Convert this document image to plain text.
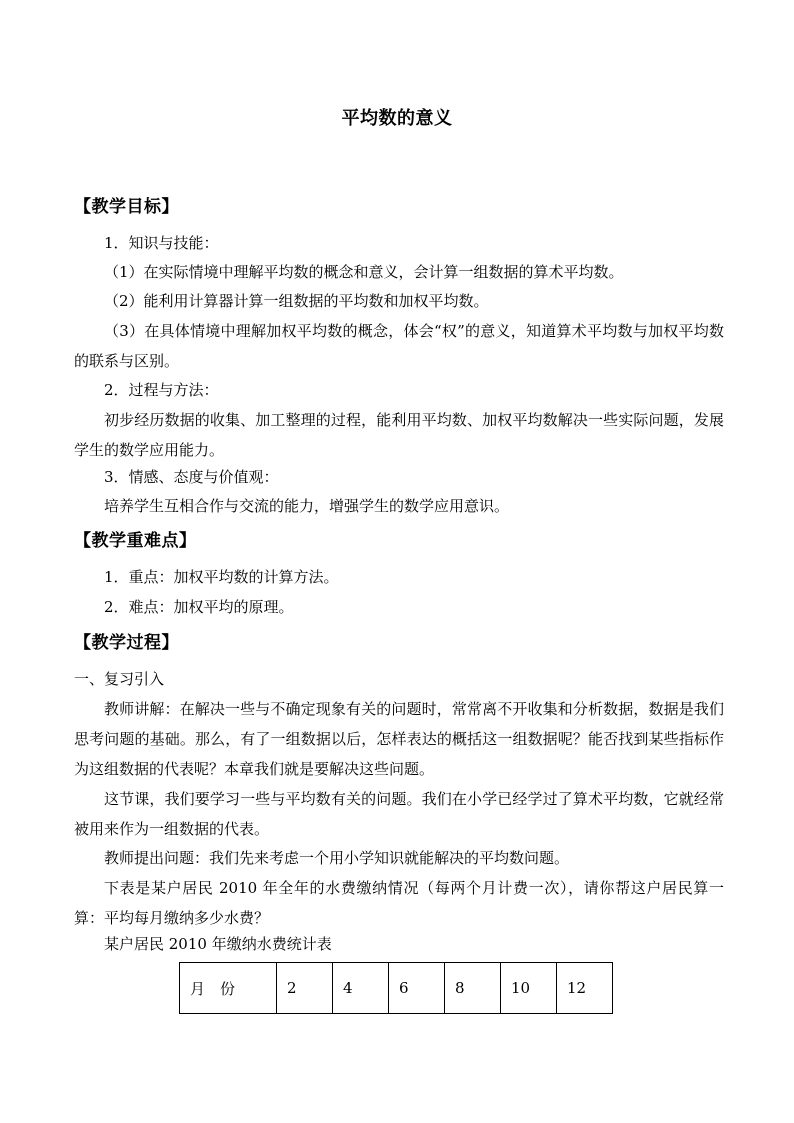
平均数的意义
【教学目标】
1．知识与技能：
（1）在实际情境中理解平均数的概念和意义，会计算一组数据的算术平均数。
（2）能利用计算器计算一组数据的平均数和加权平均数。
（3）在具体情境中理解加权平均数的概念，体会“权”的意义，知道算术平均数与加权平均数的联系与区别。
2．过程与方法：
初步经历数据的收集、加工整理的过程，能利用平均数、加权平均数解决一些实际问题，发展学生的数学应用能力。
3．情感、态度与价值观：
培养学生互相合作与交流的能力，增强学生的数学应用意识。
【教学重难点】
1．重点：加权平均数的计算方法。
2．难点：加权平均的原理。
【教学过程】
一、复习引入
教师讲解：在解决一些与不确定现象有关的问题时，常常离不开收集和分析数据，数据是我们思考问题的基础。那么，有了一组数据以后，怎样表达的概括这一组数据呢？能否找到某些指标作为这组数据的代表呢？本章我们就是要解决这些问题。
这节课，我们要学习一些与平均数有关的问题。我们在小学已经学过了算术平均数，它就经常被用来作为一组数据的代表。
教师提出问题：我们先来考虑一个用小学知识就能解决的平均数问题。
下表是某户居民 2010 年全年的水费缴纳情况（每两个月计费一次），请你帮这户居民算一算：平均每月缴纳多少水费？
某户居民 2010 年缴纳水费统计表
月　份	2	4	6	8	10	12
